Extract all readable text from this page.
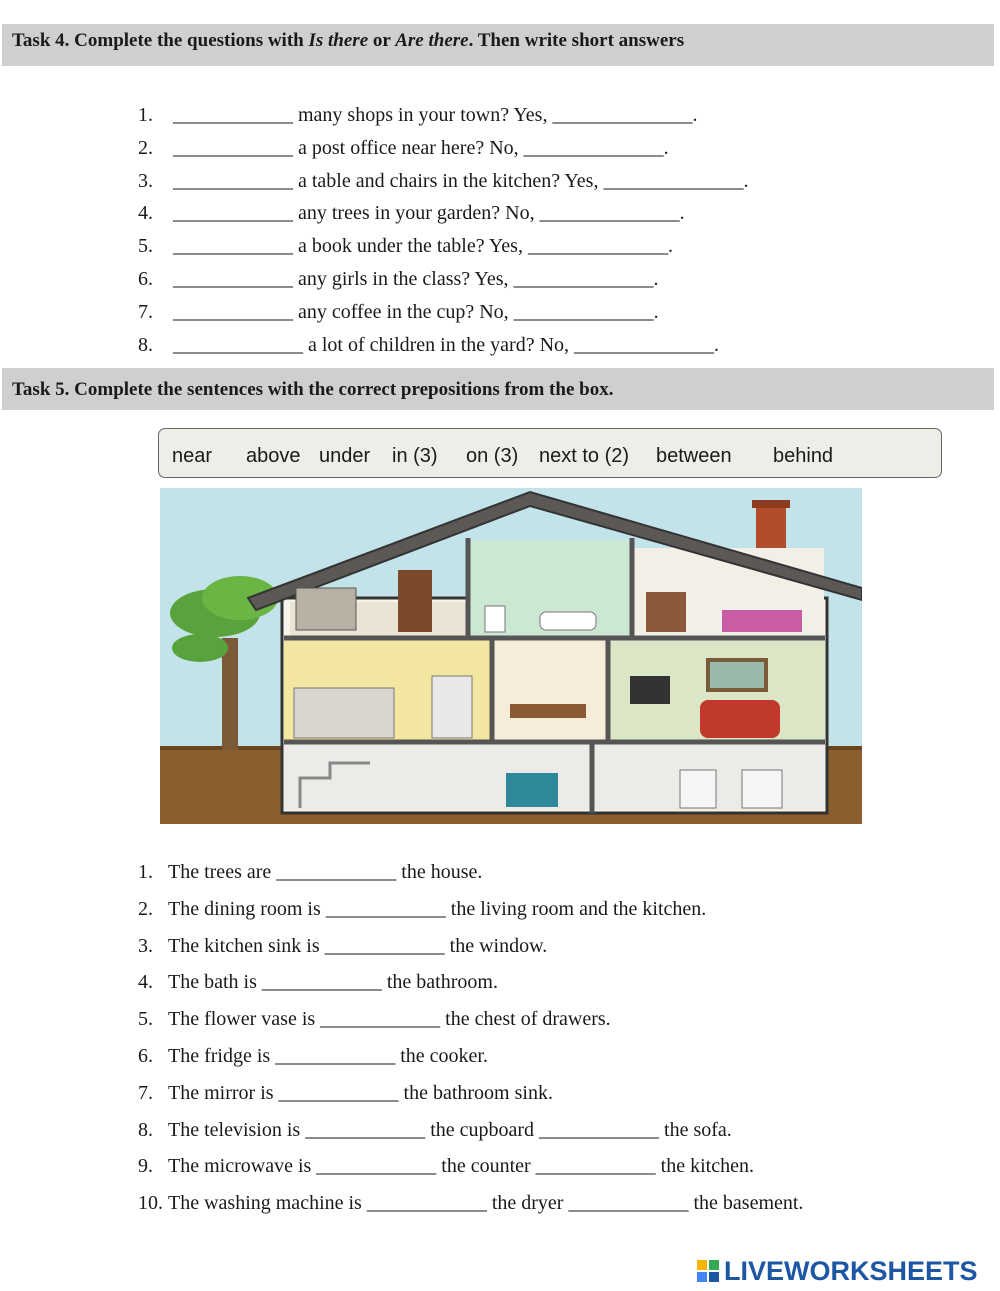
Task 4. Complete the questions with Is there or Are there. Then write short answers
1. ____________ many shops in your town? Yes, ______________.
2. ____________ a post office near here? No, ______________.
3. ____________ a table and chairs in the kitchen? Yes, ______________.
4. ____________ any trees in your garden? No, ______________.
5. ____________ a book under the table? Yes, ______________.
6. ____________ any girls in the class? Yes, ______________.
7. ____________ any coffee in the cup? No, ______________.
8. _____________ a lot of children in the yard? No, ______________.
Task 5. Complete the sentences with the correct prepositions from the box.
near above under in (3) on (3) next to (2) between behind
1. The trees are ____________ the house.
2. The dining room is ____________ the living room and the kitchen.
3. The kitchen sink is ____________ the window.
4. The bath is ____________ the bathroom.
5. The flower vase is ____________ the chest of drawers.
6. The fridge is ____________ the cooker.
7. The mirror is ____________ the bathroom sink.
8. The television is ____________ the cupboard ____________ the sofa.
9. The microwave is ____________ the counter ____________ the kitchen.
10. The washing machine is ____________ the dryer ____________ the basement.
LIVEWORKSHEETS
